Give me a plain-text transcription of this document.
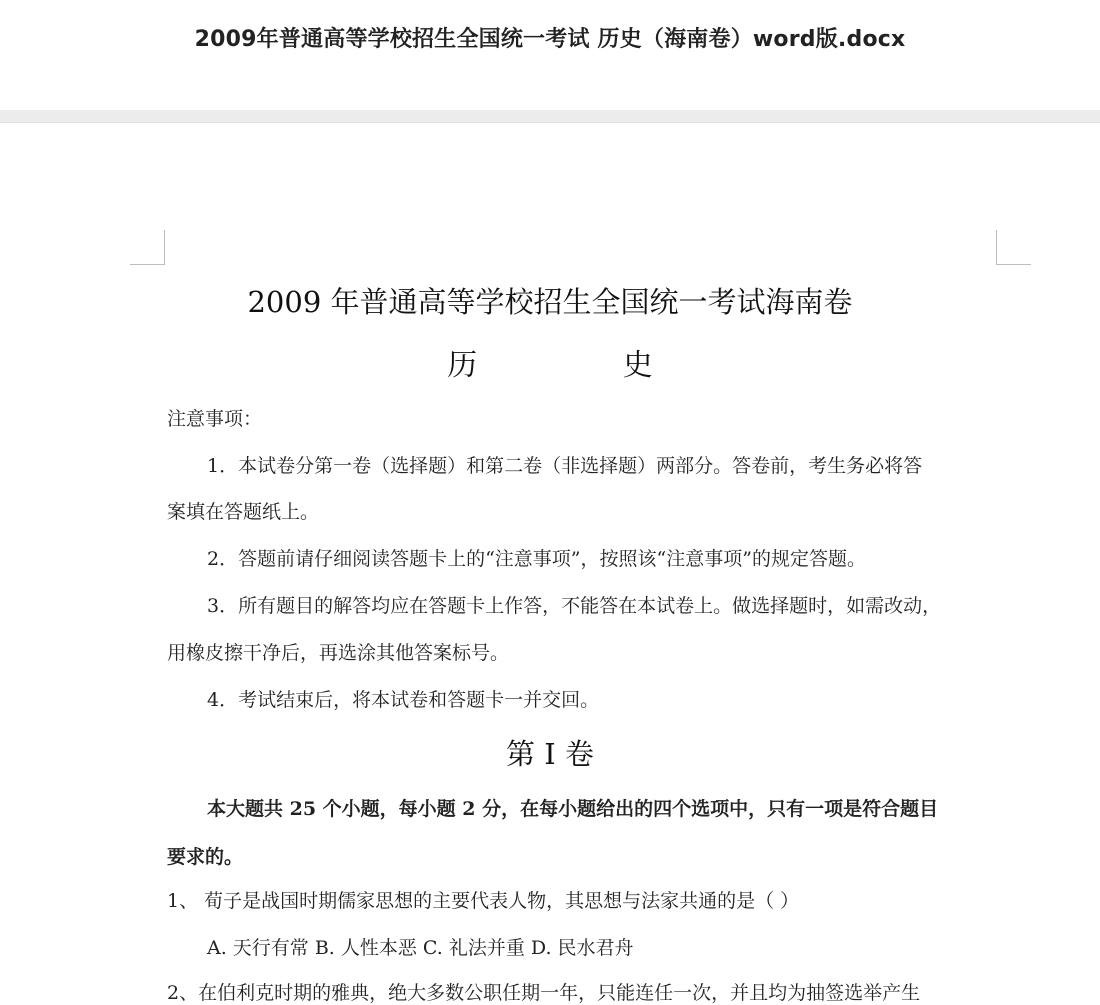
2009年普通高等学校招生全国统一考试 历史（海南卷）word版.docx
2009 年普通高等学校招生全国统一考试海南卷
历 史
注意事项：
1．本试卷分第一卷（选择题）和第二卷（非选择题）两部分。答卷前，考生务必将答
案填在答题纸上。
2．答题前请仔细阅读答题卡上的“注意事项”，按照该“注意事项”的规定答题。
3．所有题目的解答均应在答题卡上作答，不能答在本试卷上。做选择题时，如需改动，
用橡皮擦干净后，再选涂其他答案标号。
4．考试结束后，将本试卷和答题卡一并交回。
第 I 卷
本大题共 25 个小题，每小题 2 分，在每小题给出的四个选项中，只有一项是符合题目
要求的。
1、 荀子是战国时期儒家思想的主要代表人物，其思想与法家共通的是（ ）
A. 天行有常 B. 人性本恶 C. 礼法并重 D. 民水君舟
2、在伯利克时期的雅典，绝大多数公职任期一年，只能连任一次，并且均为抽签选举产生
